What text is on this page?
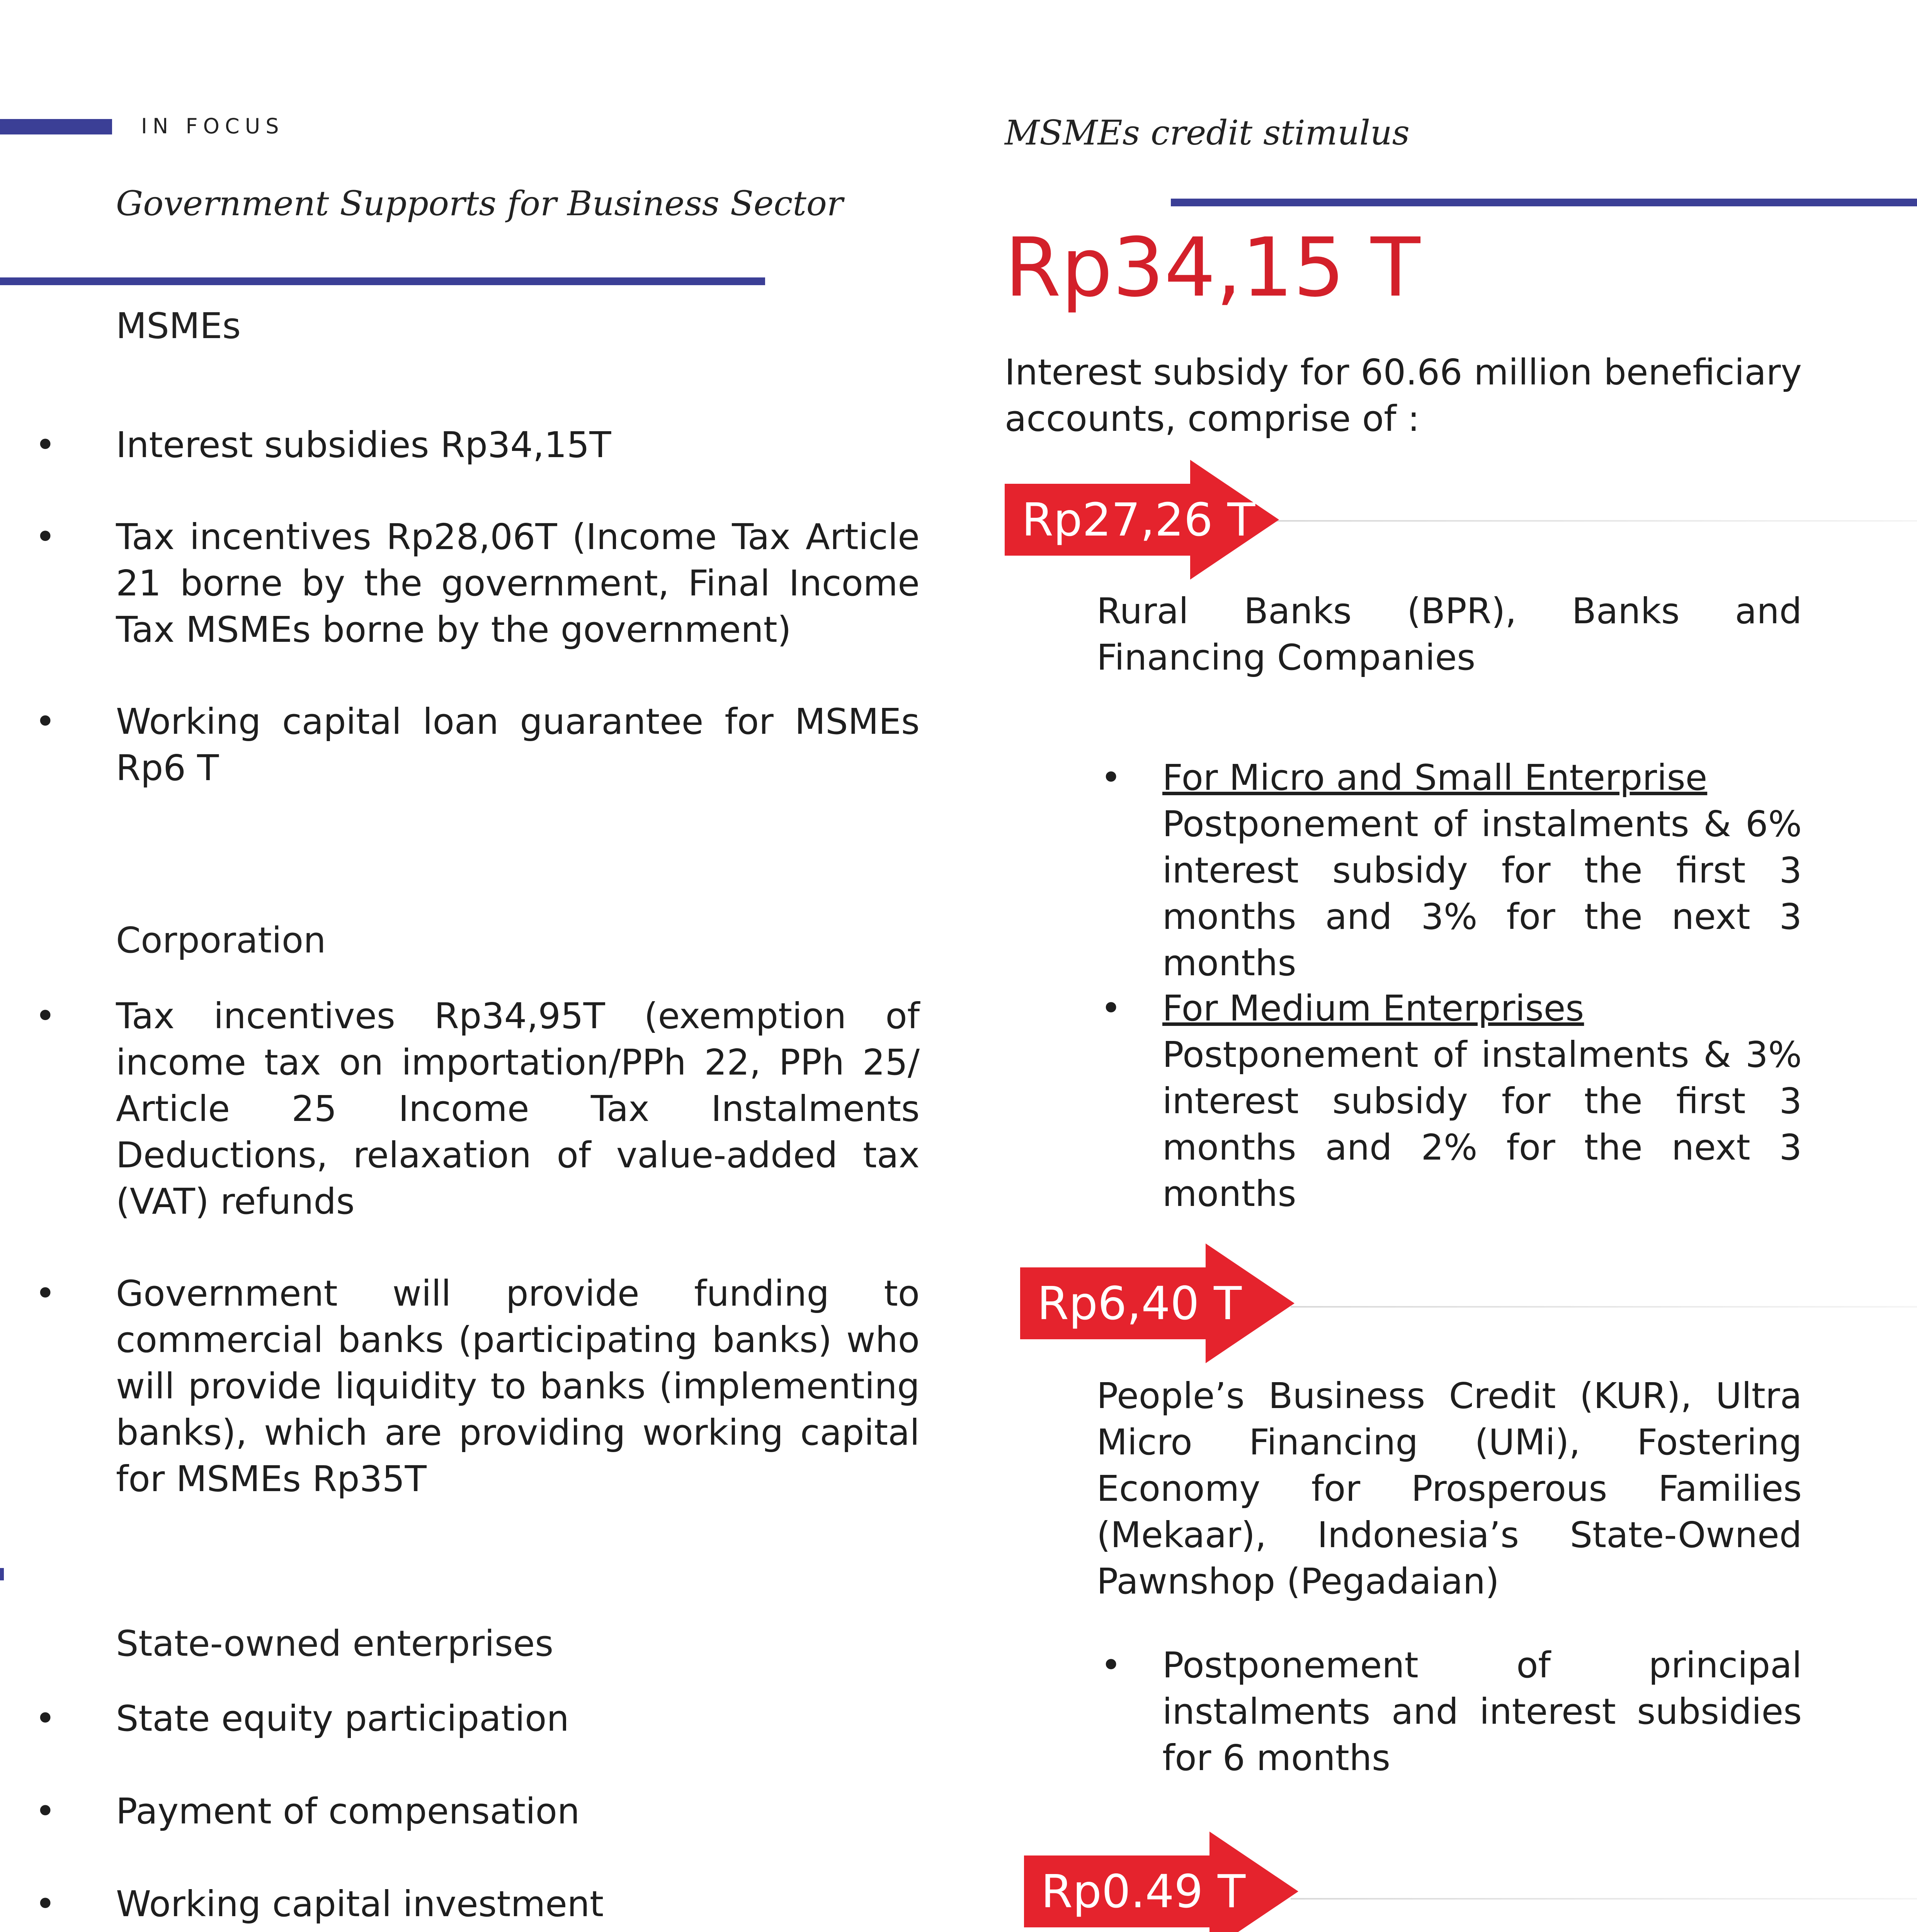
IN FOCUS
Government Supports for Business Sector
MSMEs credit stimulus
MSMEs
• Interest subsidies Rp34,15T
• Tax incentives Rp28,06T (Income Tax Article 21 borne by the government, Final Income Tax MSMEs borne by the government)
• Working capital loan guarantee for MSMEs Rp6 T
Corporation
• Tax incentives Rp34,95T (exemption of income tax on importation/PPh 22, PPh 25/ Article 25 Income Tax Instalments Deductions, relaxation of value-added tax (VAT) refunds
• Government will provide funding to commercial banks (participating banks) who will provide liquidity to banks (implementing banks), which are providing working capital for MSMEs Rp35T
State-owned enterprises
• State equity participation
• Payment of compensation
• Working capital investment
Rp34,15 T
Interest subsidy for 60.66 million beneficiary accounts, comprise of :
Rp27,26 T
Rural Banks (BPR), Banks and Financing Companies
• For Micro and Small Enterprise
Postponement of instalments & 6% interest subsidy for the first 3 months and 3% for the next 3 months
• For Medium Enterprises
Postponement of instalments & 3% interest subsidy for the first 3 months and 2% for the next 3 months
Rp6,40 T
People’s Business Credit (KUR), Ultra Micro Financing (UMi), Fostering Economy for Prosperous Families (Mekaar), Indonesia’s State-Owned Pawnshop (Pegadaian)
• Postponement of principal instalments and interest subsidies for 6 months
Rp0.49 T
